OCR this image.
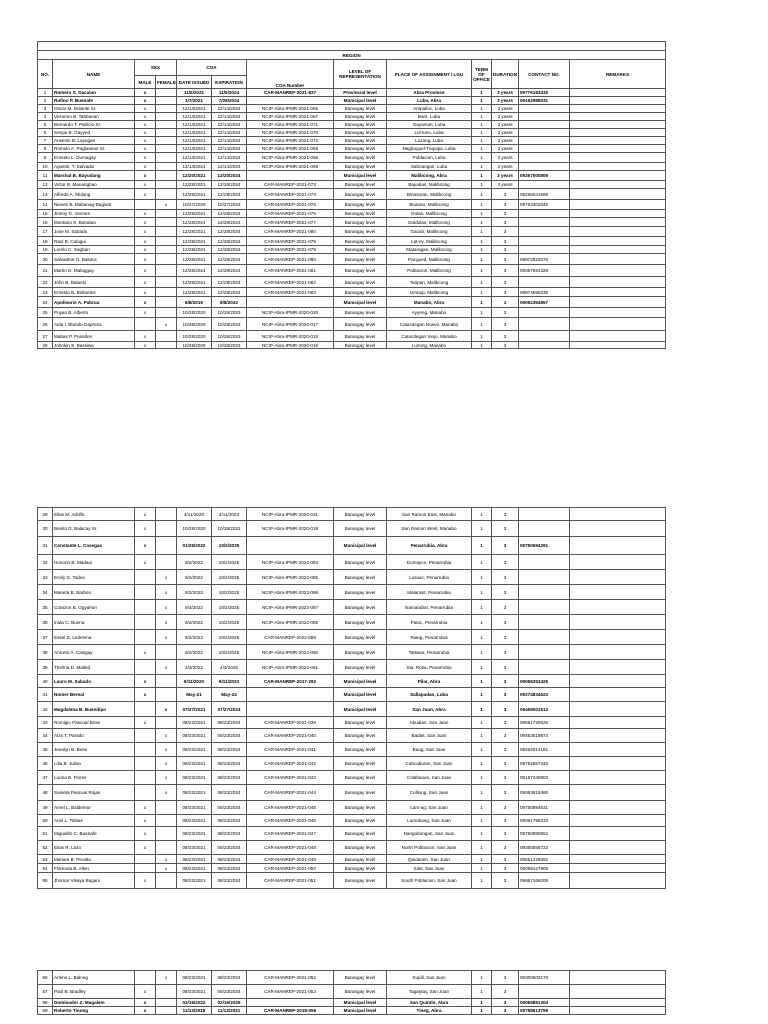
REGION												
NO.	NAME	SEX		COA		COA Number	LEVEL OF REPRESENTATION	PLACE OF ASSIGNMENT / LGU	TERM OF OFFICE	DURATION	CONTACT NO.	REMARKS
		MALE	FEMALE	DATE ISSUED	EXPIRATION							
1	Romero S. Dacalan	x		11/5/2021	11/5/2024	CAR-MANREP-2021-837	Provincial level	Abra Province	1	3 years	09776183415	
2	Rufino P. Buenafe	x		1/7/2021	7/28/2024		Municipal level	Luba, Abra	1	3 years	09162988031	
3	Oscar M. Bolante Sr.	x		12/14/2021	12/14/2024	NCIP-Abra-IPMR-2021-065	Barangay level	Ampalioc, Luba	1	3 years		
4	Victorino B. Tabbanan	x		12/14/2021	12/14/2024	NCIP-Abra-IPMR-2021-067	Barangay level	Barit, Luba	1	3 years		
5	Bernardo T. Patricio Sr.	x		12/14/2021	12/14/2024	NCIP-Abra-IPMR-2021-071	Barangay level	Gayaman, Luba	1	3 years		
6	Sergio B. Gayyed	x		12/14/2021	12/14/2024	NCIP-Abra-IPMR-2021-070	Barangay level	Lul-luno, Luba	1	3 years		
7	Ansenio B. Layugan	x		12/14/2021	12/14/2024	NCIP-Abra-IPMR-2021-072	Barangay level	Luzong, Luba	1	3 years		
8	Romulo A. Pagluanan Sr.	x		12/14/2021	12/14/2024	NCIP-Abra-IPMR-2021-068	Barangay level	Nagbuquel-Tuquipa, Luba	1	3 years		
9	Ernesto L. Dumagay	x		12/14/2021	12/14/2024	NCIP-Abra-IPMR-2021-066	Barangay level	Poblacion, Luba	1	3 years		
10	Agustin, T. Salvador	x		12/14/2021	12/14/2024	NCIP-Abra-IPMR-2021-069	Barangay level	Sabnangan, Luba	1	3 years		
11	Marshal B. Bayudang	x		12/20/2021	12/20/2024		Municipal level	Malibcong, Abra	1	3 years	09267500806	
12	Victor B. Manangbao	x		12/28/2021	12/28/2024	CAR-MANREP-2021-073	Barangay level	Bayabas, Malibcong	1	3 years		
13	Alfredo A. Mulang	x		12/28/2021	12/28/2024	CAR-MANREP-2021-074	Barangay level	Binasaran, Malibcong	1	3	09266041669	
14	Nieves B. Mabanag-Dagwat		x	10/27/2020	10/27/2023	CAR-MANREP-2021-075	Barangay level	Buanao, Malibcong	1	3	09753302046	
15	Jimmy D. Viernes	x		12/28/2021	12/28/2024	CAR-MANREP-2021-076	Barangay level	Dulao, Malibcong	1	3		
16	Montano S. Banatao	x		12/28/2021	12/28/2024	CAR-MANREP-2021-077	Barangay level	Duldulao, Malibcong	1	3		
17	Jose M. Sabado	x		12/28/2021	12/28/2024	CAR-MANREP-2021-080	Barangay level	Gacab, Malibcong	1	3		
18	Raul B. Calagui	x		12/28/2021	12/28/2024	CAR-MANREP-2021-078	Barangay level	Lat-ey, Malibcong	1	3		
19	Lorelo C. Sagban	x		12/28/2021	12/28/2024	CAR-MANREP-2021-079	Barangay level	Mataragan, Malibcong	1	3		
20	Salvadme G. Balutoc	x		12/28/2021	12/28/2024	CAR-MANREP-2021-080	Barangay level	Pacgued, Malibcong	1	3	09973823076	
21	Martin D. Malaggay	x		12/28/2021	12/28/2024	CAR-MANREP-2021-081	Barangay level	Poblacion, Malibcong	1	3	09357591328	
22	John B. Balansi	x		12/28/2021	12/28/2024	CAR-MANREP-2021-082	Barangay level	Taripan, Malibcong	1	3		
23	Ernesto B. Brillantes	x		12/28/2021	12/28/2024	CAR-MANREP-2021-083	Barangay level	Umnap, Malibcong	1	3	09974590235	
24	Apolinario A. Pabrua	x		8/8/2019	8/8/2022		Municipal level	Manabo, Abra	1	1	09052364857	
25	Puyao B. Alberto	x		10/28/2020	10/28/2023	NCIP-Abra-IPMR-2020-020	Barangay level	Ayyeng, Manabo	1	3		
26	Aida I. Blando-Dapreza		x	10/28/2020	10/28/2023	NCIP-Abra-IPMR-2020-017	Barangay level	Catacdegan Nuevo, Manabo	1	3		
27	Mabas P. Pansdes	x		10/28/2020	10/28/2023	NCIP-Abra-IPMR-2020-015	Barangay level	Catacdegan Viejo, Manabo	1	3		
28	Johnkin S. Bassiwa	x		10/28/2020	10/28/2023	NCIP-Abra-IPMR-2020-019	Barangay level	Luzong, Manabo	1	3		
29	Elias M. Adolfo	x		4/11/2020	4/11/2023	NCIP-Abra-IPMR-2020-031	Barangay level	San Ramon East, Manabo	1	3		
30	Benito D. Balacay Sr.	x		10/28/2020	10/28/2023	NCIP-Abra-IPMR-2020-018	Barangay level	San Ramon West, Manabo	1	3		
31	Constante L. Casegas	x		01/25/2022	10/2/2025		Municipal level	Penarrubia, Abra	1	3	09750994291	
32	Honorio B. Madaoi	x		9/2/2022	10/2/2025	NCIP-Abra-IPMR-2022-084	Barangay level	Dumayco, Penarrubia	1	3		
33	Emily G. Tadeo		x	9/2/2022	10/2/2025	NCIP-Abra-IPMR-2022-085	Barangay level	Lusuac, Penarrubia	1	3		
34	Marieta B. Barbon		x	9/2/2022	10/2/2025	NCIP-Abra-IPMR-2022-086	Barangay level	Malamsit, Penarrubia	1	3		
35	Corazon B. Ogyahon		x	9/2/2022	10/2/2025	NCIP-Abra-IPMR-2022-087	Barangay level	Namarabar, Penarrubia	1	3		
36	Inida C. Buena		x	9/2/2022	10/2/2025	NCIP-Abra-IPMR-2022-088	Barangay level	Patoc, Penarrubia	1	3		
37	Essel D. Ledesma		x	9/2/2022	10/2/2025	CAR-MANREP-2022-089	Barangay level	Riang, Penarrubia	1	3		
38	Aniceto A. Casigay	x		9/2/2022	10/2/2025	NCIP-Abra-IPMR-2022-090	Barangay level	Tattawa, Penarrubia	1	3		
39	Thelma D. Malled		x	2/3/2022	4/3/2025	NCIP-Abra-IPMR-2022-091	Barangay level	Sta. Rosa, Penarrubia	1	3		
40	Lauro M. Sabado	x		9/11/2020	9/11/2023	CAR-MANREP-2017-292	Municipal level	Pilar, Abra	1	3	09056253425	
41	Nomer Bernal	x		May-21	May-24		Municipal level	Sallapadan, Luba	1	3	09274834623	
42	Magdalena B. Buenitipo		x	07/27/2021	07/27/2024		Municipal level	San Juan, Abra	1	3	09458001513	
43	Romigio Pascual Bose	x		08/23/2021	08/23/2024	CAR-MANREP-2021-039	Barangay level	Abualan, San Juan	1	3	09551720625	
44	Aiza T. Parado		x	08/23/2021	08/23/2024	CAR-MANREP-2021-040	Barangay level	Badas, San Juan	1	3	09453519874	
45	Jenalyn B. Bose		x	08/23/2021	08/23/2024	CAR-MANREP-2021-041	Barangay level	Baug, San Juan	1	3	09264014181	
46	Lilia B. Julian		x	08/23/2021	08/23/2024	CAR-MANREP-2021-042	Barangay level	Cabcaburao, San Juan	1	3	09752657346	
47	Lurina B. Flores		x	08/23/2021	08/23/2024	CAR-MANREP-2021-043	Barangay level	Colabaoan, San Juan	1	3	09157340903	
48	Sanieta Pascual Rojas		x	08/23/2021	08/23/2024	CAR-MANREP-2021-044	Barangay level	Culliong, San Juan	1	3	09363915460	
49	Arnel L. Baldemor	x		08/23/2021	08/23/2024	CAR-MANREP-2021-045	Barangay level	Lam-ag, San Juan	1	3	09750994631	
50	Ariel L. Tobias	x		08/23/2021	08/23/2024	CAR-MANREP-2021-046	Barangay level	Lumobang, San Juan	1	3	09361795233	
51	Miguelito C. Buenafe	x		08/23/2021	08/23/2024	CAR-MANREP-2021-047	Barangay level	Nangubongan, San Juan	1	3	09750990552	
52	Elias R. Lazo	x		08/23/2021	08/23/2024	CAR-MANREP-2021-048	Barangay level	North Poblacion, San Juan	1	3	09350556722	
53	Mariam B. Peralta		x	08/23/2021	08/23/2024	CAR-MANREP-2021-049	Barangay level	Quidaoen, San Juan	1	3	09551226062	
54	Florenda B. Allen		x	08/23/2021	08/23/2024	CAR-MANREP-2021-050	Barangay level	Silet, San Juan	1	3	09059127808	
55	Jhomar Visaya Bagani	x		08/23/2021	08/23/2024	CAR-MANREP-2021-051	Barangay level	South Poblacion, San Juan	1	3	09667166205	
56	Arlene L. Balneg		x	08/23/2021	08/23/2024	CAR-MANREP-2021-052	Barangay level	Supill, San Juan	1	3	09300503178	
57	Paul B. Bradley	x		08/23/2021	08/23/2024	CAR-MANREP-2021-053	Barangay level	Tagaytay, San Juan	1	3		
58	Dominador Z. Magalem	x		02/16/2022	02/16/2025		Municipal level	San Quintin, Abra	1	3	09065881304	
59	Roberto Tinong	x		11/13/2018	11/13/2021	CAR-MANREP-2018-056	Municipal level	Tineg, Abra	1	3	09758513798	
